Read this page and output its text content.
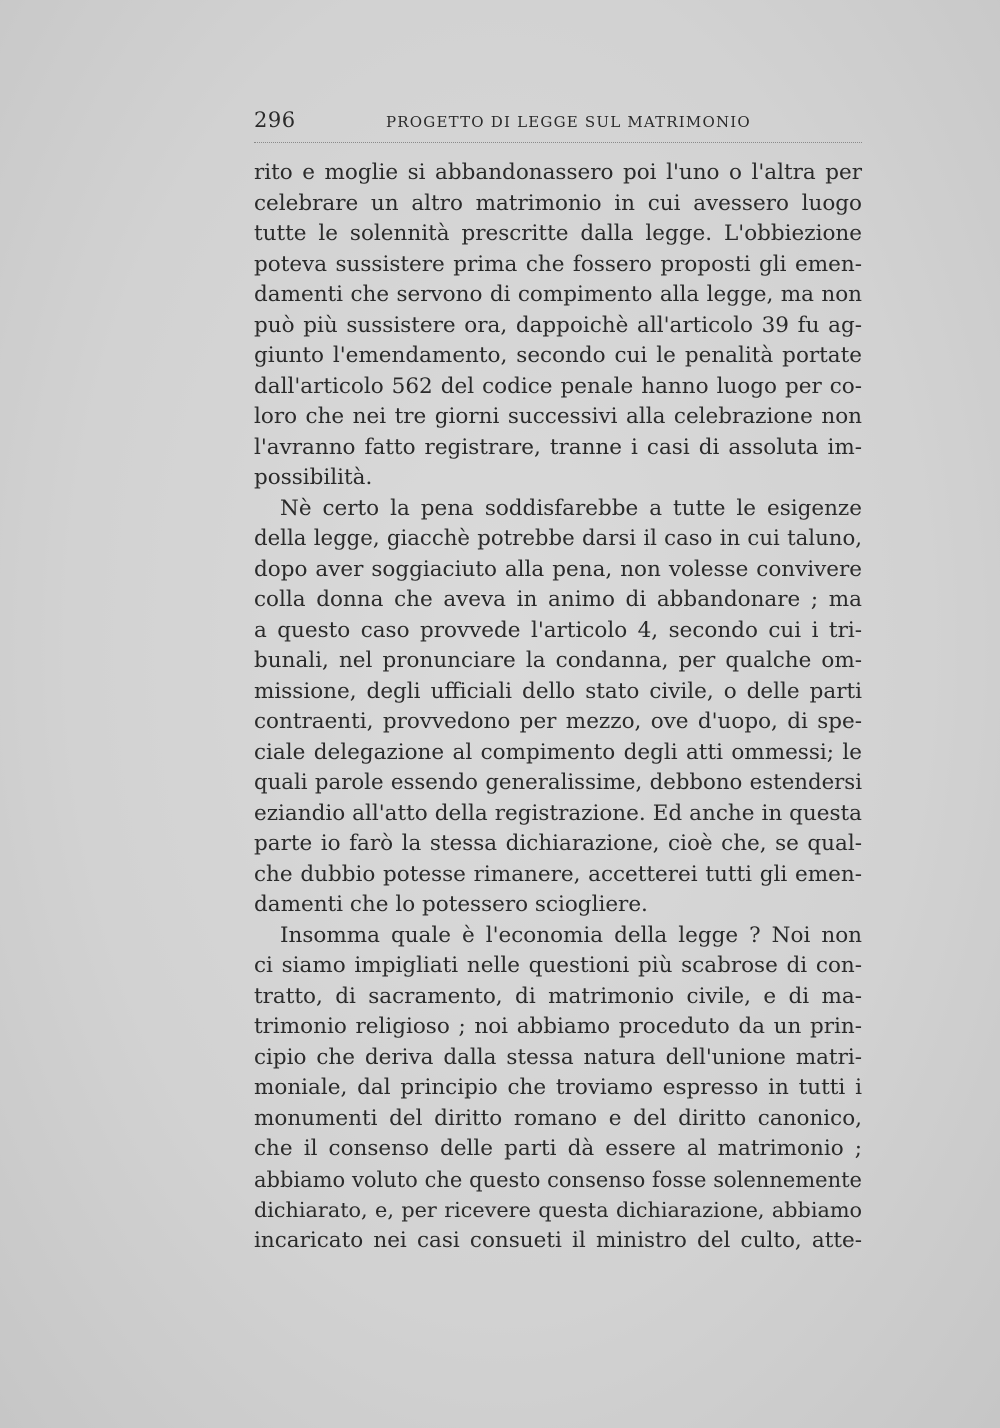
296	PROGETTO DI LEGGE SUL MATRIMONIO
rito e moglie si abbandonassero poi l'uno o l'altra per
celebrare un altro matrimonio in cui avessero luogo
tutte le solennità prescritte dalla legge. L'obbiezione
poteva sussistere prima che fossero proposti gli emen-
damenti che servono di compimento alla legge, ma non
può più sussistere ora, dappoichè all'articolo 39 fu ag-
giunto l'emendamento, secondo cui le penalità portate
dall'articolo 562 del codice penale hanno luogo per co-
loro che nei tre giorni successivi alla celebrazione non
l'avranno fatto registrare, tranne i casi di assoluta im-
possibilità.
Nè certo la pena soddisfarebbe a tutte le esigenze
della legge, giacchè potrebbe darsi il caso in cui taluno,
dopo aver soggiaciuto alla pena, non volesse convivere
colla donna che aveva in animo di abbandonare ; ma
a questo caso provvede l'articolo 4, secondo cui i tri-
bunali, nel pronunciare la condanna, per qualche om-
missione, degli ufficiali dello stato civile, o delle parti
contraenti, provvedono per mezzo, ove d'uopo, di spe-
ciale delegazione al compimento degli atti ommessi; le
quali parole essendo generalissime, debbono estendersi
eziandio all'atto della registrazione. Ed anche in questa
parte io farò la stessa dichiarazione, cioè che, se qual-
che dubbio potesse rimanere, accetterei tutti gli emen-
damenti che lo potessero sciogliere.
Insomma quale è l'economia della legge ? Noi non
ci siamo impigliati nelle questioni più scabrose di con-
tratto, di sacramento, di matrimonio civile, e di ma-
trimonio religioso ; noi abbiamo proceduto da un prin-
cipio che deriva dalla stessa natura dell'unione matri-
moniale, dal principio che troviamo espresso in tutti i
monumenti del diritto romano e del diritto canonico,
che il consenso delle parti dà essere al matrimonio ;
abbiamo voluto che questo consenso fosse solennemente
dichiarato, e, per ricevere questa dichiarazione, abbiamo
incaricato nei casi consueti il ministro del culto, atte-
